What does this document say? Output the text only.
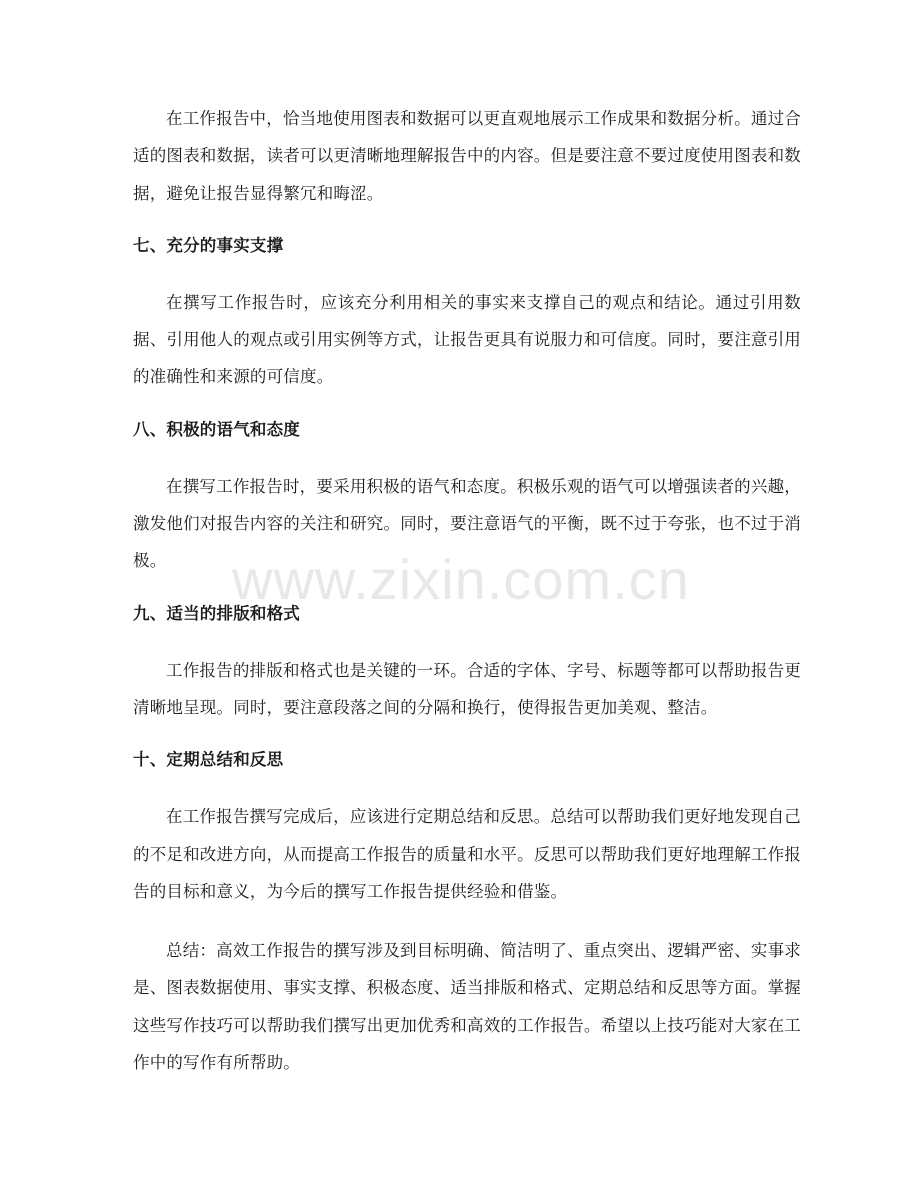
在工作报告中，恰当地使用图表和数据可以更直观地展示工作成果和数据分析。通过合适的图表和数据，读者可以更清晰地理解报告中的内容。但是要注意不要过度使用图表和数据，避免让报告显得繁冗和晦涩。

七、充分的事实支撑

在撰写工作报告时，应该充分利用相关的事实来支撑自己的观点和结论。通过引用数据、引用他人的观点或引用实例等方式，让报告更具有说服力和可信度。同时，要注意引用的准确性和来源的可信度。

八、积极的语气和态度

在撰写工作报告时，要采用积极的语气和态度。积极乐观的语气可以增强读者的兴趣，激发他们对报告内容的关注和研究。同时，要注意语气的平衡，既不过于夸张，也不过于消极。

九、适当的排版和格式

工作报告的排版和格式也是关键的一环。合适的字体、字号、标题等都可以帮助报告更清晰地呈现。同时，要注意段落之间的分隔和换行，使得报告更加美观、整洁。

十、定期总结和反思

在工作报告撰写完成后，应该进行定期总结和反思。总结可以帮助我们更好地发现自己的不足和改进方向，从而提高工作报告的质量和水平。反思可以帮助我们更好地理解工作报告的目标和意义，为今后的撰写工作报告提供经验和借鉴。

总结：高效工作报告的撰写涉及到目标明确、简洁明了、重点突出、逻辑严密、实事求是、图表数据使用、事实支撑、积极态度、适当排版和格式、定期总结和反思等方面。掌握这些写作技巧可以帮助我们撰写出更加优秀和高效的工作报告。希望以上技巧能对大家在工作中的写作有所帮助。

www.zixin.com.cn
